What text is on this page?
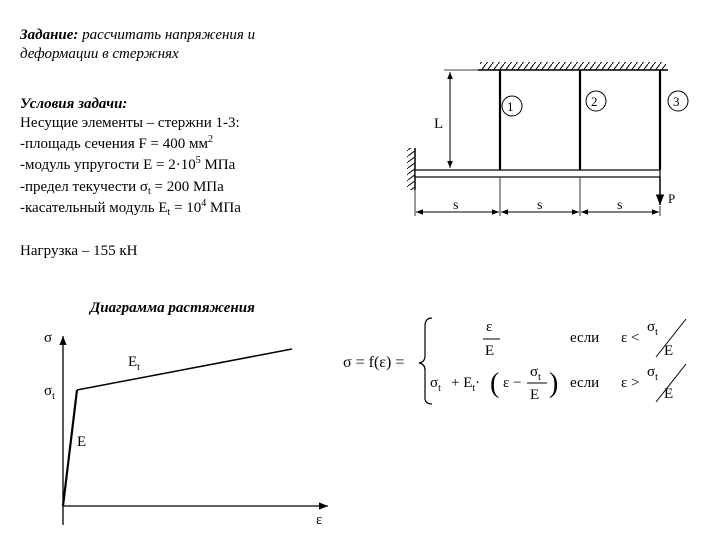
Задание: рассчитать напряжения и
деформации в стержнях
Условия задачи:
Несущие элементы – стержни 1-3:
-площадь сечения F = 400 $мм^2$
-модуль упругости $E = 2\cdot 10^5$ МПа
-предел текучести $\sigma_t = 200$ МПа
-касательный модуль $E_t = 10^4$ МПа
Нагрузка – 155 кН
Диаграмма растяжения
L
1	2	3
P
s	s	s
σ
ε
$\sigma_t$
E
$E_t$	σ = f(ε) =
ε
E
если ε <
$\sigma_t$
E
$\sigma_t + E_t\cdot$ ( ε −
$\sigma_t$
E ) если ε >
$\sigma_t$
E
